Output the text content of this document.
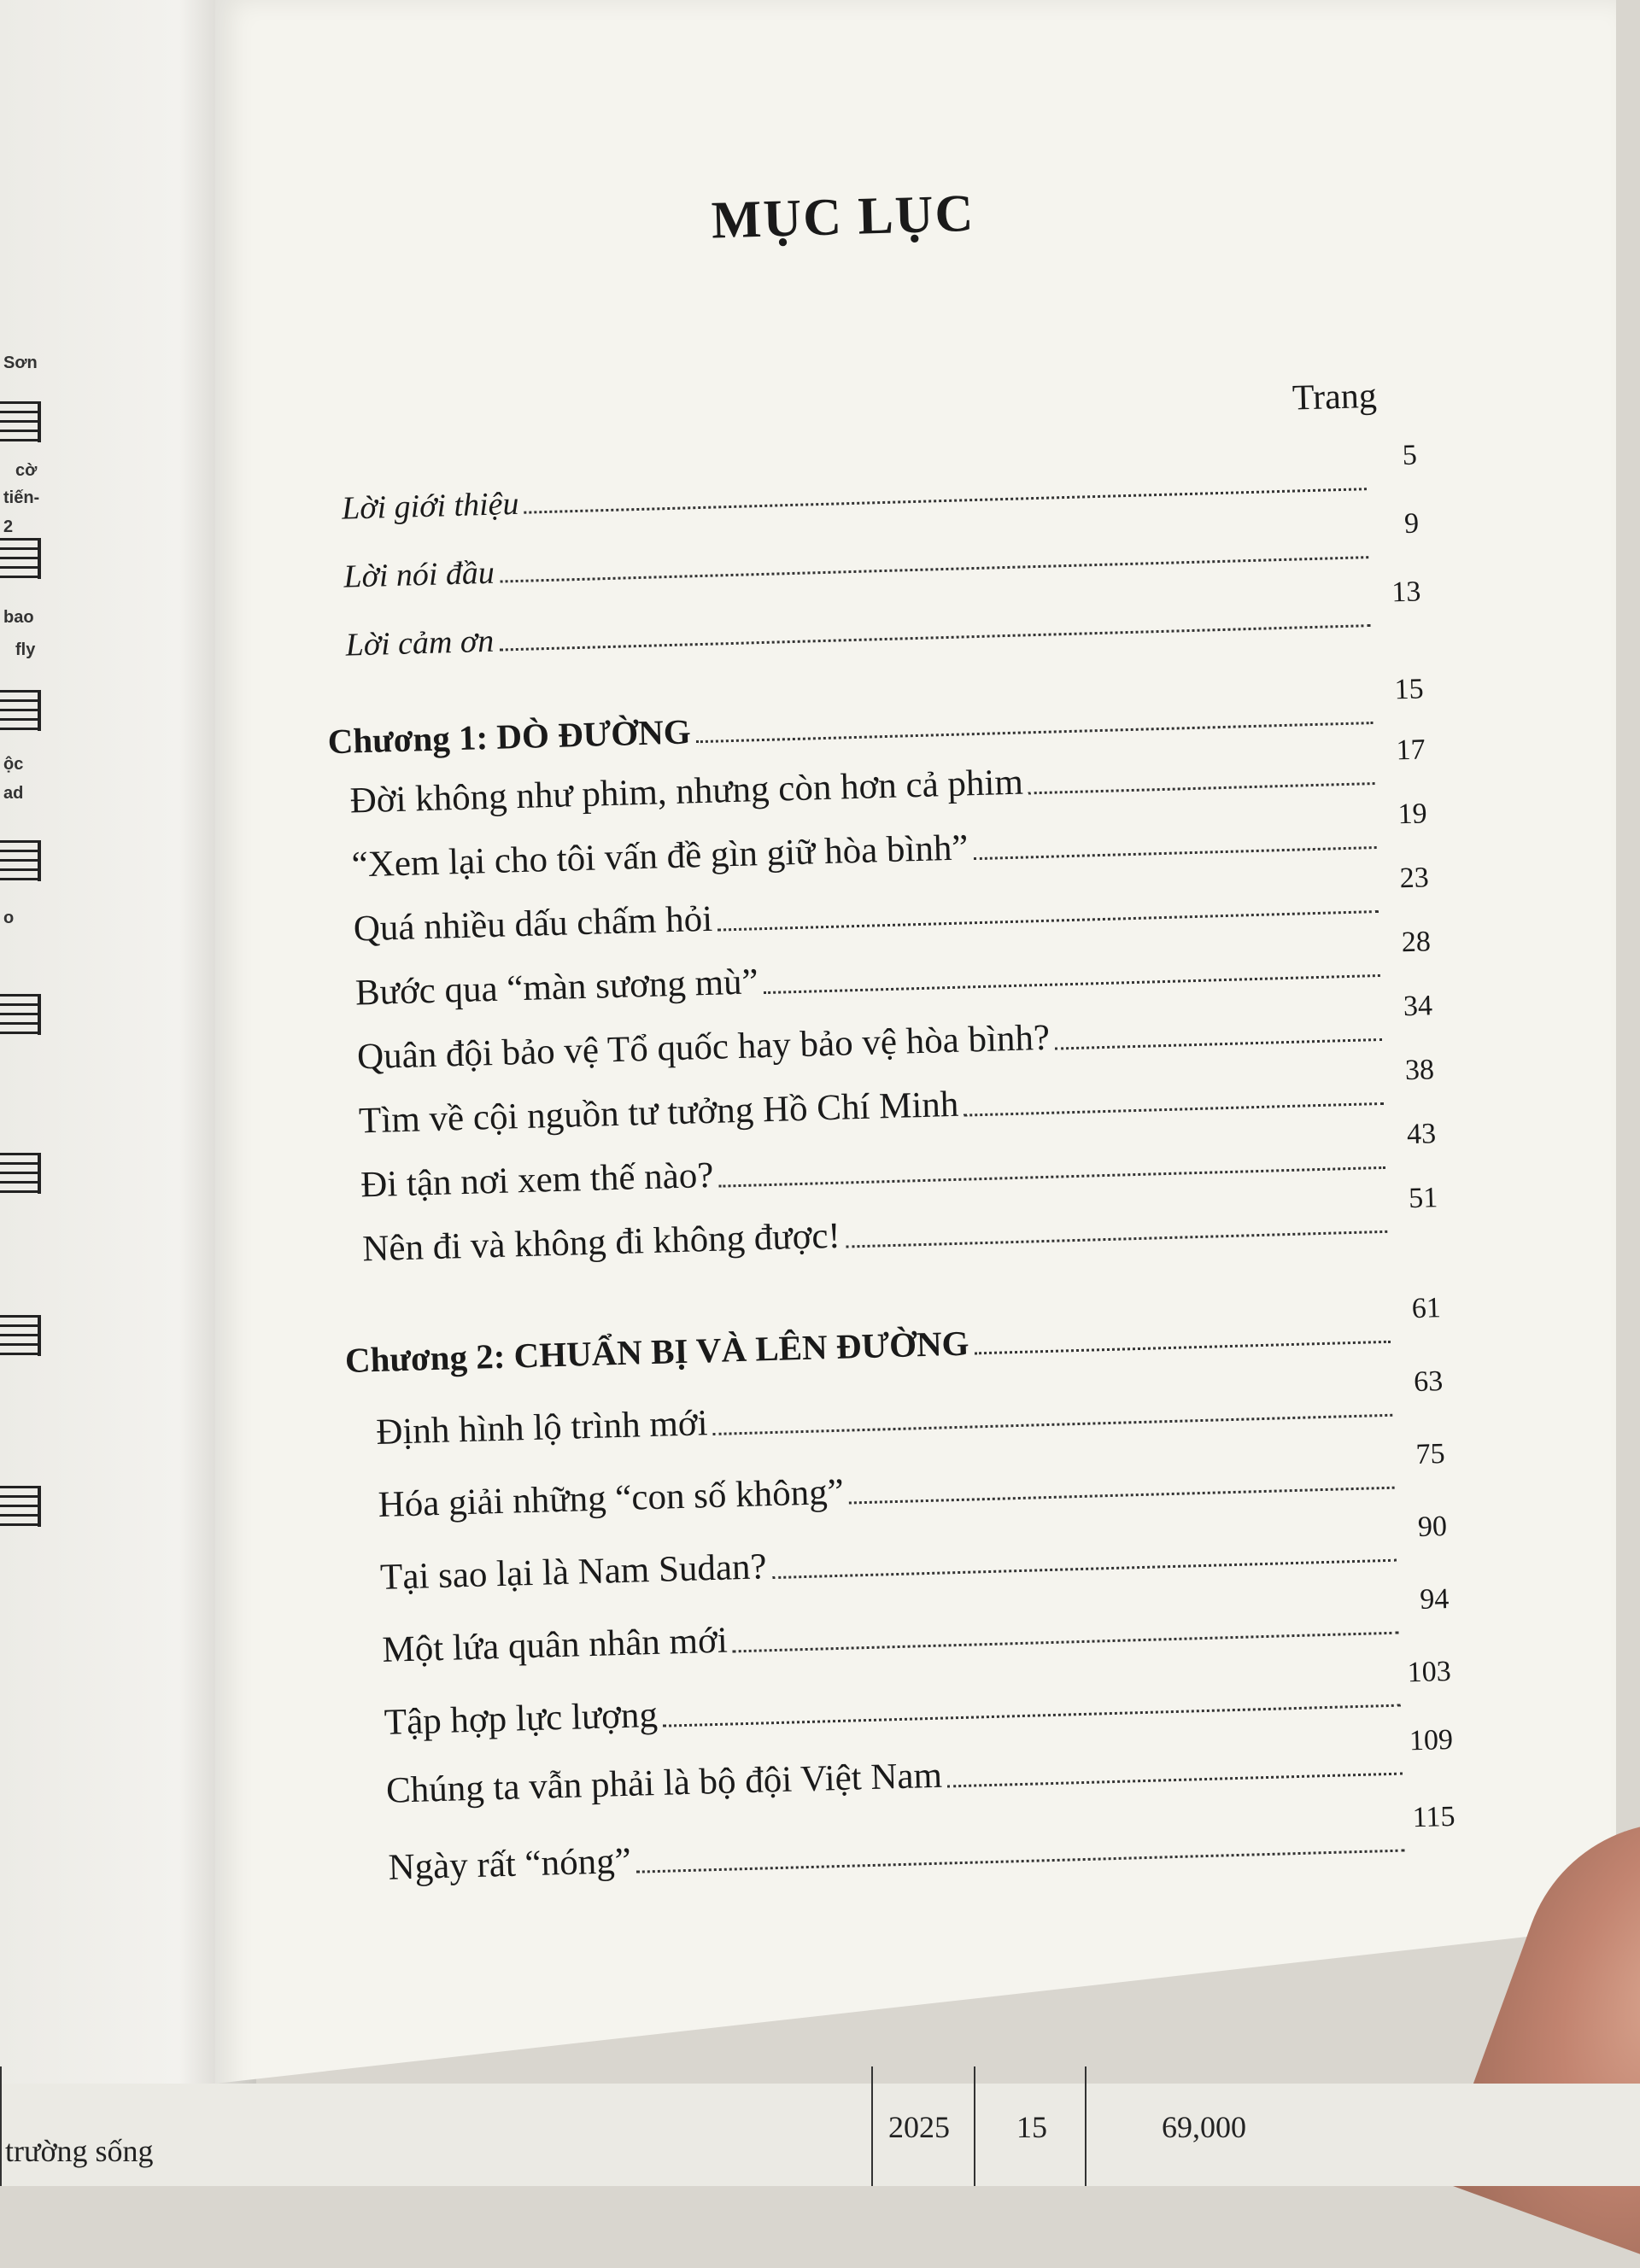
Sơn
cờ
tiến-
2
bao
fly
ộc
ad
o

MỤC LỤC
Trang
Lời giới thiệu
5
Lời nói đầu
9
Lời cảm ơn
13
Chương 1: DÒ ĐƯỜNG
15
Đời không như phim, nhưng còn hơn cả phim
17
“Xem lại cho tôi vấn đề gìn giữ hòa bình”
19
Quá nhiều dấu chấm hỏi
23
Bước qua “màn sương mù”
28
Quân đội bảo vệ Tổ quốc hay bảo vệ hòa bình?
34
Tìm về cội nguồn tư tưởng Hồ Chí Minh
38
Đi tận nơi xem thế nào?
43
Nên đi và không đi không được!
51
Chương 2: CHUẨN BỊ VÀ LÊN ĐƯỜNG
61
Định hình lộ trình mới
63
Hóa giải những “con số không”
75
Tại sao lại là Nam Sudan?
90
Một lứa quân nhân mới
94
Tập hợp lực lượng
103
Chúng ta vẫn phải là bộ đội Việt Nam
109
Ngày rất “nóng”
115
trường sống
2025 15	69,000
